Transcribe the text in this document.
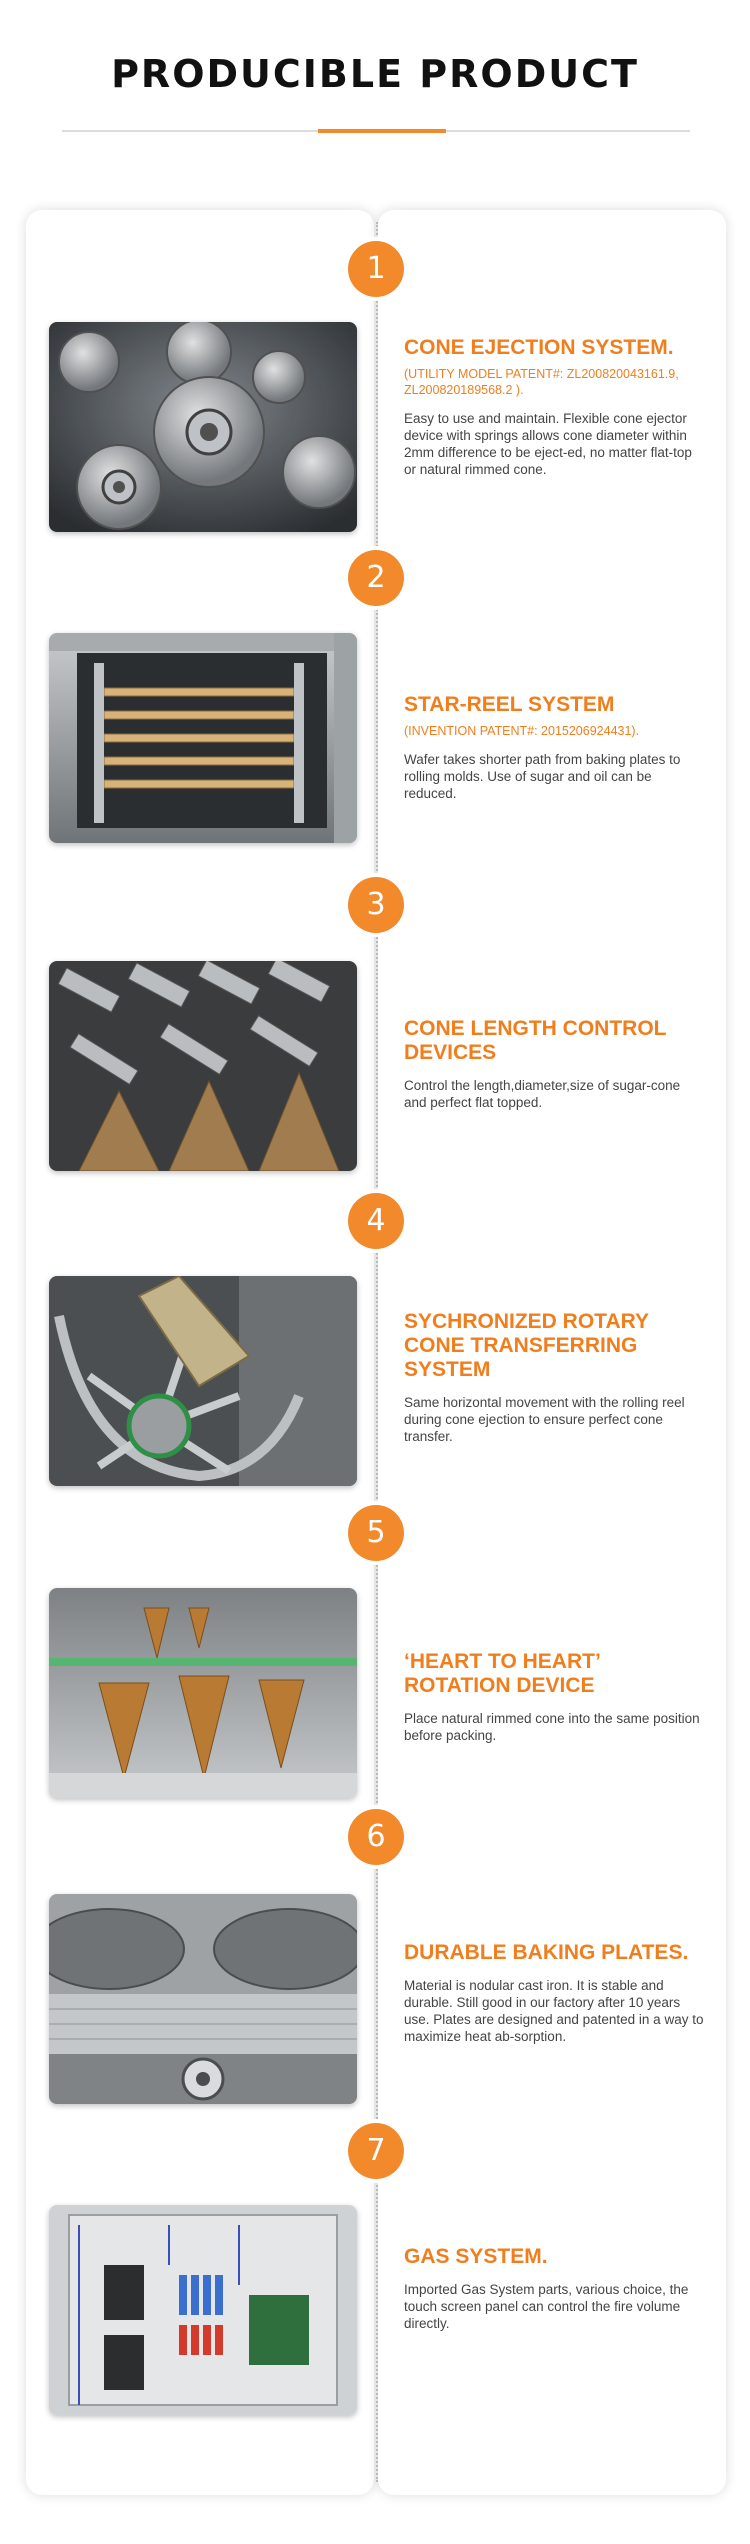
PRODUCIBLE PRODUCT
1

CONE EJECTION SYSTEM.

(UTILITY MODEL PATENT#: ZL200820043161.9, ZL200820189568.2 ).

Easy to use and maintain. Flexible cone ejector device with springs allows cone diameter within 2mm difference to be eject-ed, no matter flat-top or natural rimmed cone.

2

STAR-REEL SYSTEM

(INVENTION PATENT#: 2015206924431).

Wafer takes shorter path from baking plates to rolling molds. Use of sugar and oil can be reduced.

3

CONE LENGTH CONTROL DEVICES

Control the length,diameter,size of sugar-cone and perfect flat topped.

4

SYCHRONIZED ROTARY CONE TRANSFERRING SYSTEM

Same horizontal movement with the rolling reel during cone ejection to ensure perfect cone transfer.

5

‘HEART TO HEART’ ROTATION DEVICE

Place natural rimmed cone into the same position before packing.

6

DURABLE BAKING PLATES.

Material is nodular cast iron. It is stable and durable. Still good in our factory after 10 years use. Plates are designed and patented in a way to maximize heat ab-sorption.

7

GAS SYSTEM.

Imported Gas System parts, various choice, the touch screen panel can control the fire volume directly.
